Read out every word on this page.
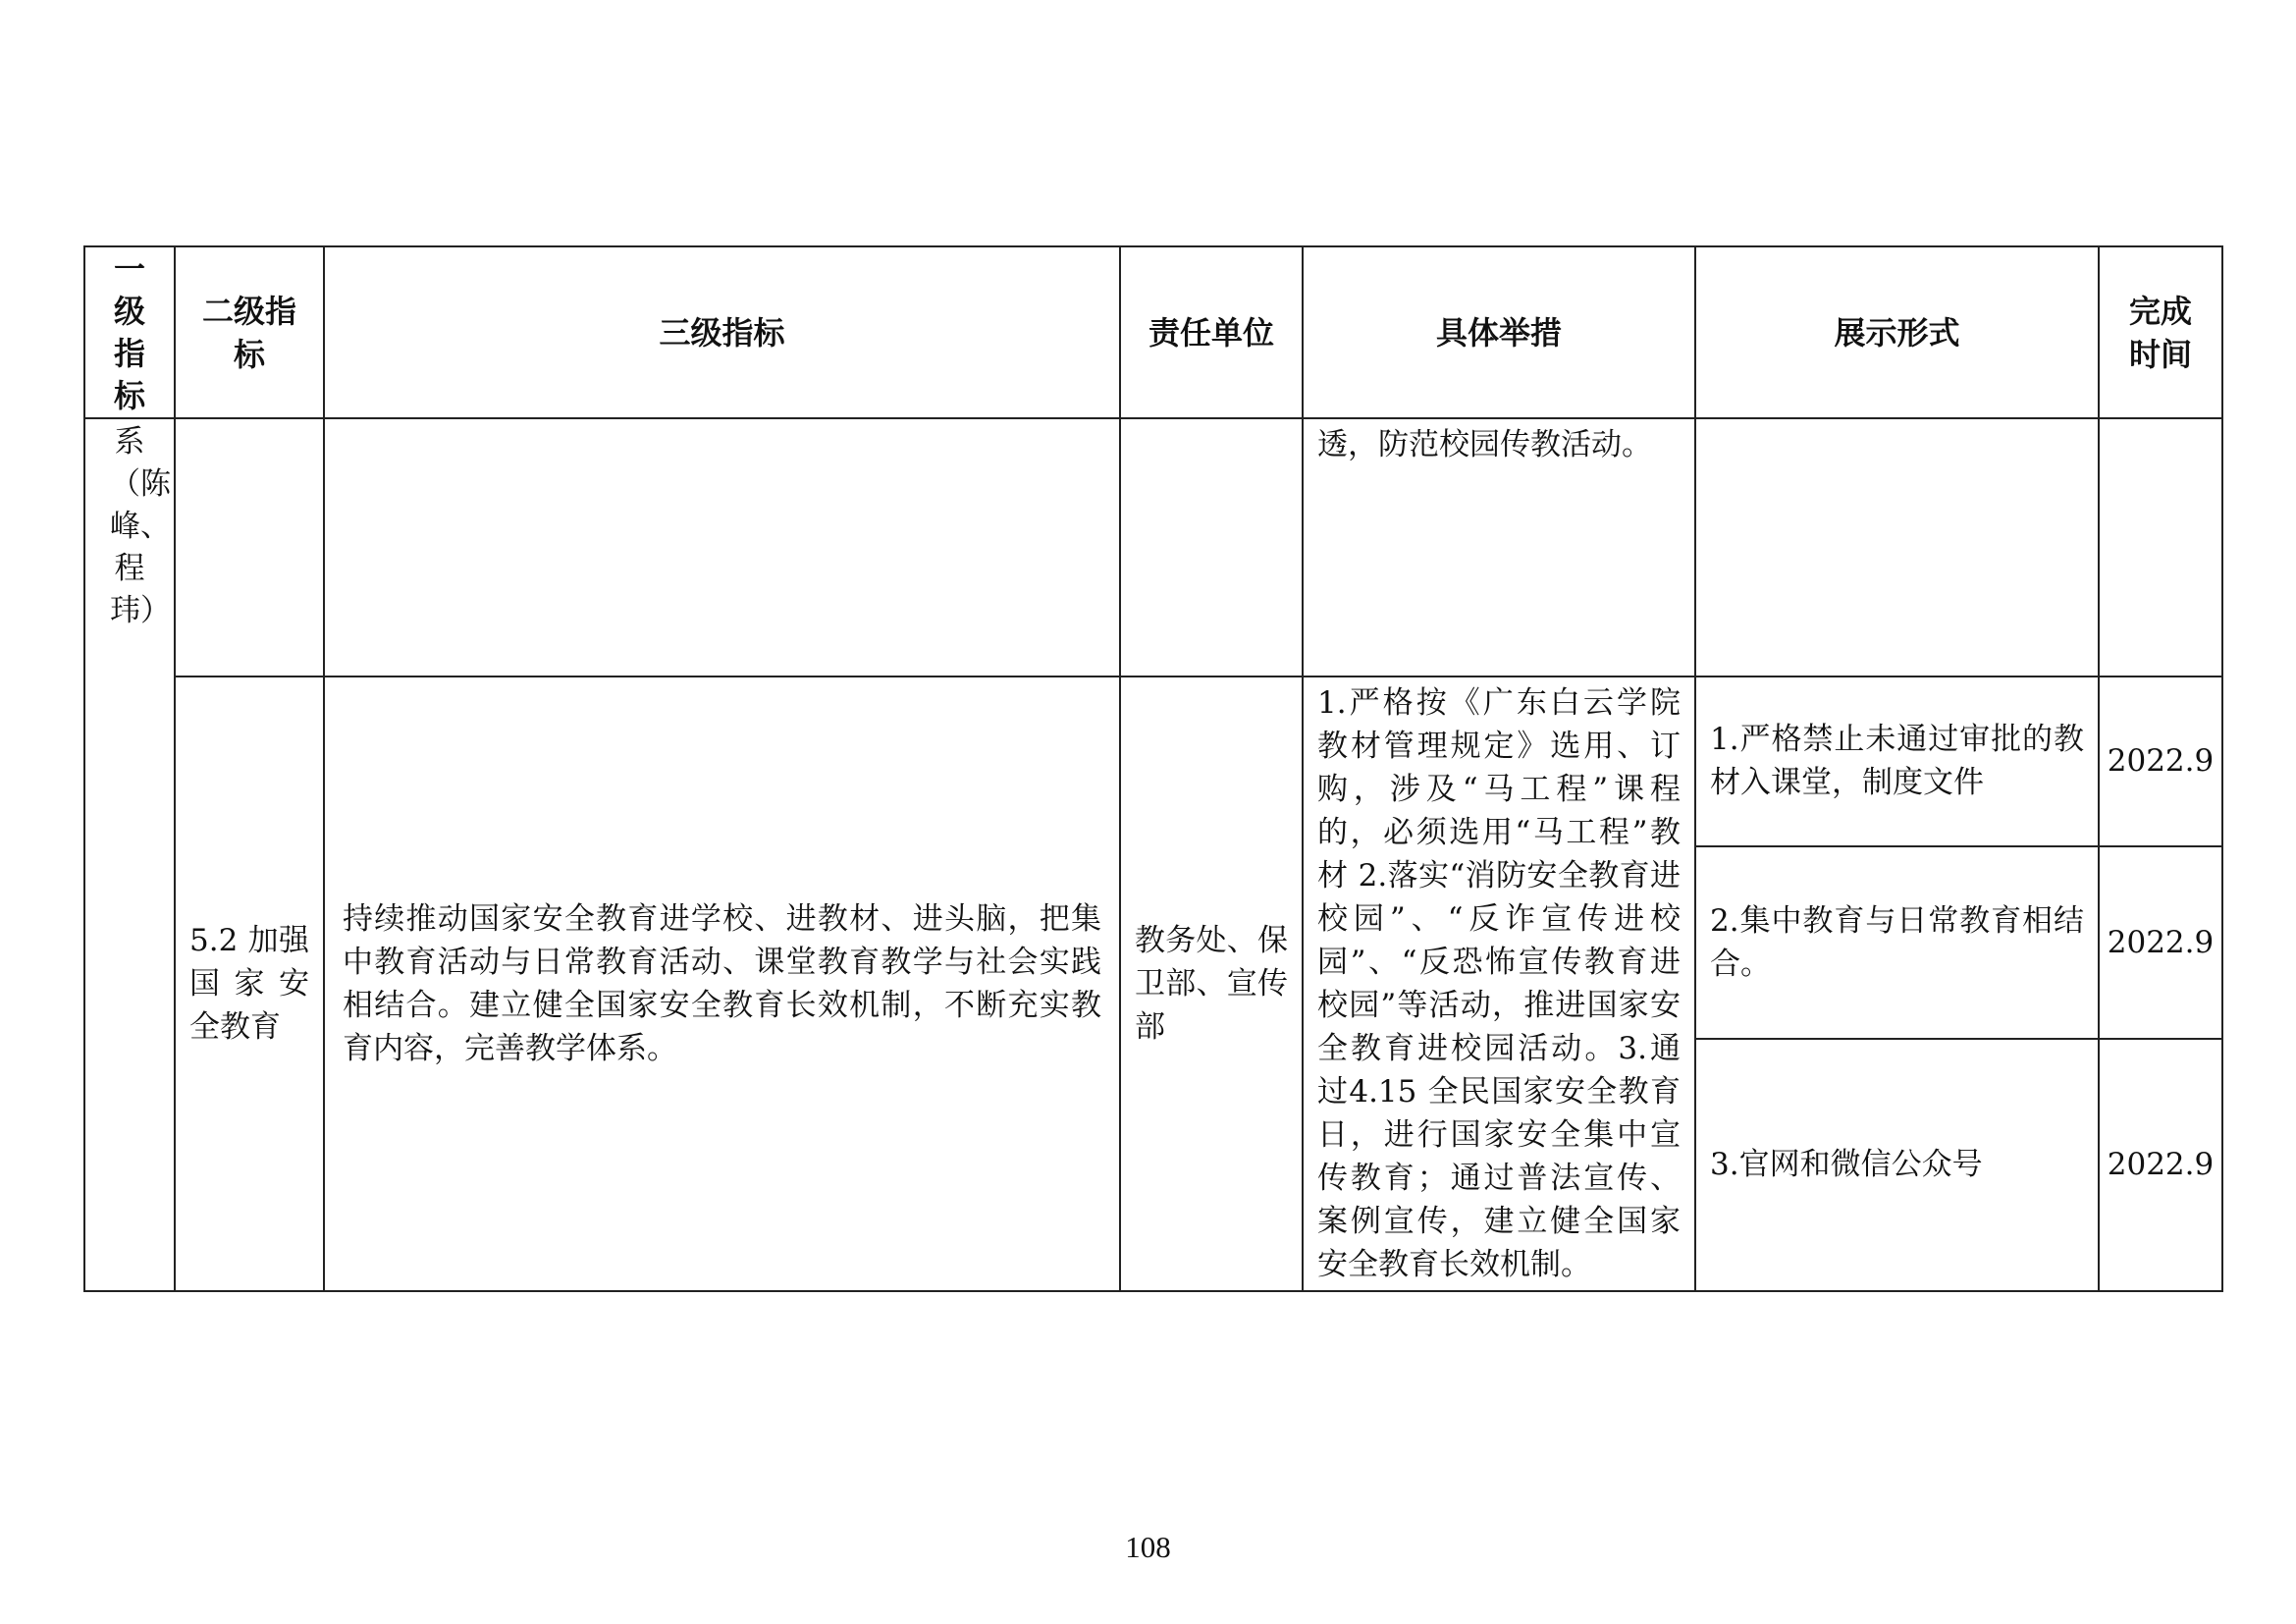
一级指标	二级指标	三级指标	责任单位	具体举措	展示形式	完成时间

系（陈峰、程玮）				透，防范校园传教活动。		
	5.2 加强国家安全教育	持续推动国家安全教育进学校、进教材、进头脑，把集中教育活动与日常教育活动、课堂教育教学与社会实践相结合。建立健全国家安全教育长效机制，不断充实教育内容，完善教学体系。	教务处、保卫部、宣传部	1.严格按《广东白云学院教材管理规定》选用、订购，涉及“马工程”课程的，必须选用“马工程”教材 2.落实“消防安全教育进校园”、“反诈宣传进校园”、“反恐怖宣传教育进校园”等活动，推进国家安全教育进校园活动。3.通过4.15 全民国家安全教育日，进行国家安全集中宣传教育；通过普法宣传、案例宣传，建立健全国家安全教育长效机制。	1.严格禁止未通过审批的教材入课堂，制度文件	2022.9
					2.集中教育与日常教育相结合。	2022.9
					3.官网和微信公众号	2022.9
108
